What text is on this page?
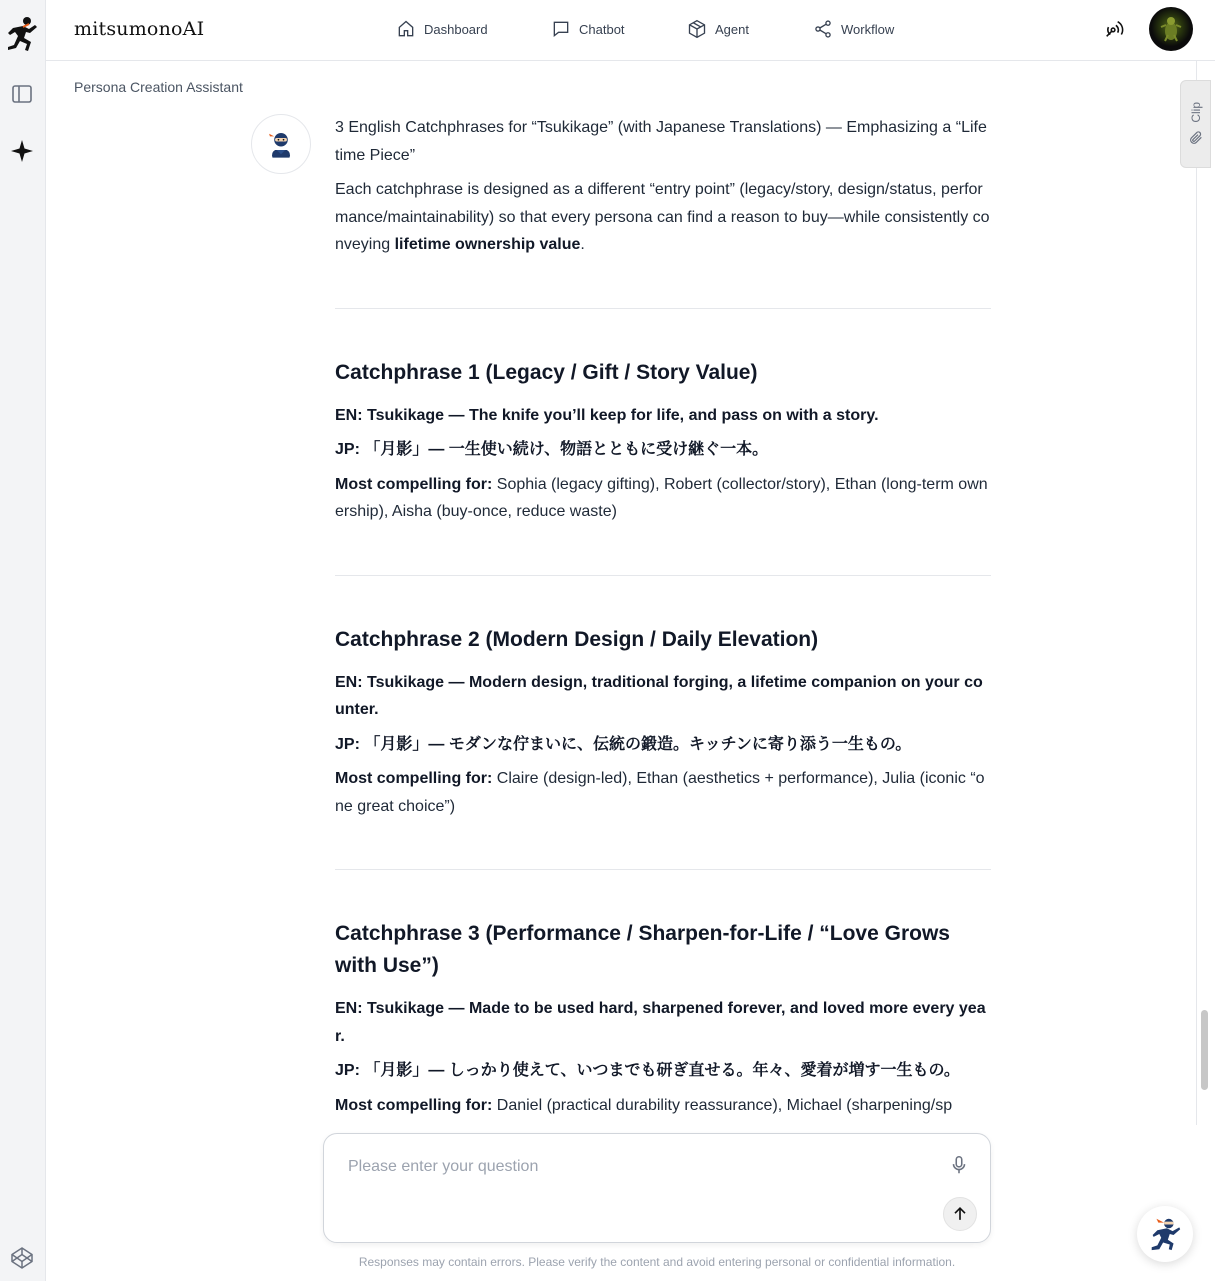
mitsumonoAI	Dashboard	Chatbot	Agent	Workflow
Persona Creation Assistant

3 English Catchphrases for “Tsukikage” (with Japanese Translations) — Emphasizing a “Lifetime Piece”

Each catchphrase is designed as a different “entry point” (legacy/story, design/status, performance/maintainability) so that every persona can find a reason to buy—while consistently conveying lifetime ownership value.

Catchphrase 1 (Legacy / Gift / Story Value)

EN: Tsukikage — The knife you’ll keep for life, and pass on with a story.

JP: 「月影」— 一生使い続け、物語とともに受け継ぐ一本。

Most compelling for: Sophia (legacy gifting), Robert (collector/story), Ethan (long-term ownership), Aisha (buy-once, reduce waste)

Catchphrase 2 (Modern Design / Daily Elevation)

EN: Tsukikage — Modern design, traditional forging, a lifetime companion on your counter.

JP: 「月影」— モダンな佇まいに、伝統の鍛造。キッチンに寄り添う一生もの。

Most compelling for: Claire (design-led), Ethan (aesthetics + performance), Julia (iconic “one great choice”)

Catchphrase 3 (Performance / Sharpen-for-Life / “Love Grows with Use”)

EN: Tsukikage — Made to be used hard, sharpened forever, and loved more every year.

JP: 「月影」— しっかり使えて、いつまでも研ぎ直せる。年々、愛着が増す一生もの。

Most compelling for: Daniel (practical durability reassurance), Michael (sharpening/sp

Clip
Please enter your question
Responses may contain errors. Please verify the content and avoid entering personal or confidential information.
